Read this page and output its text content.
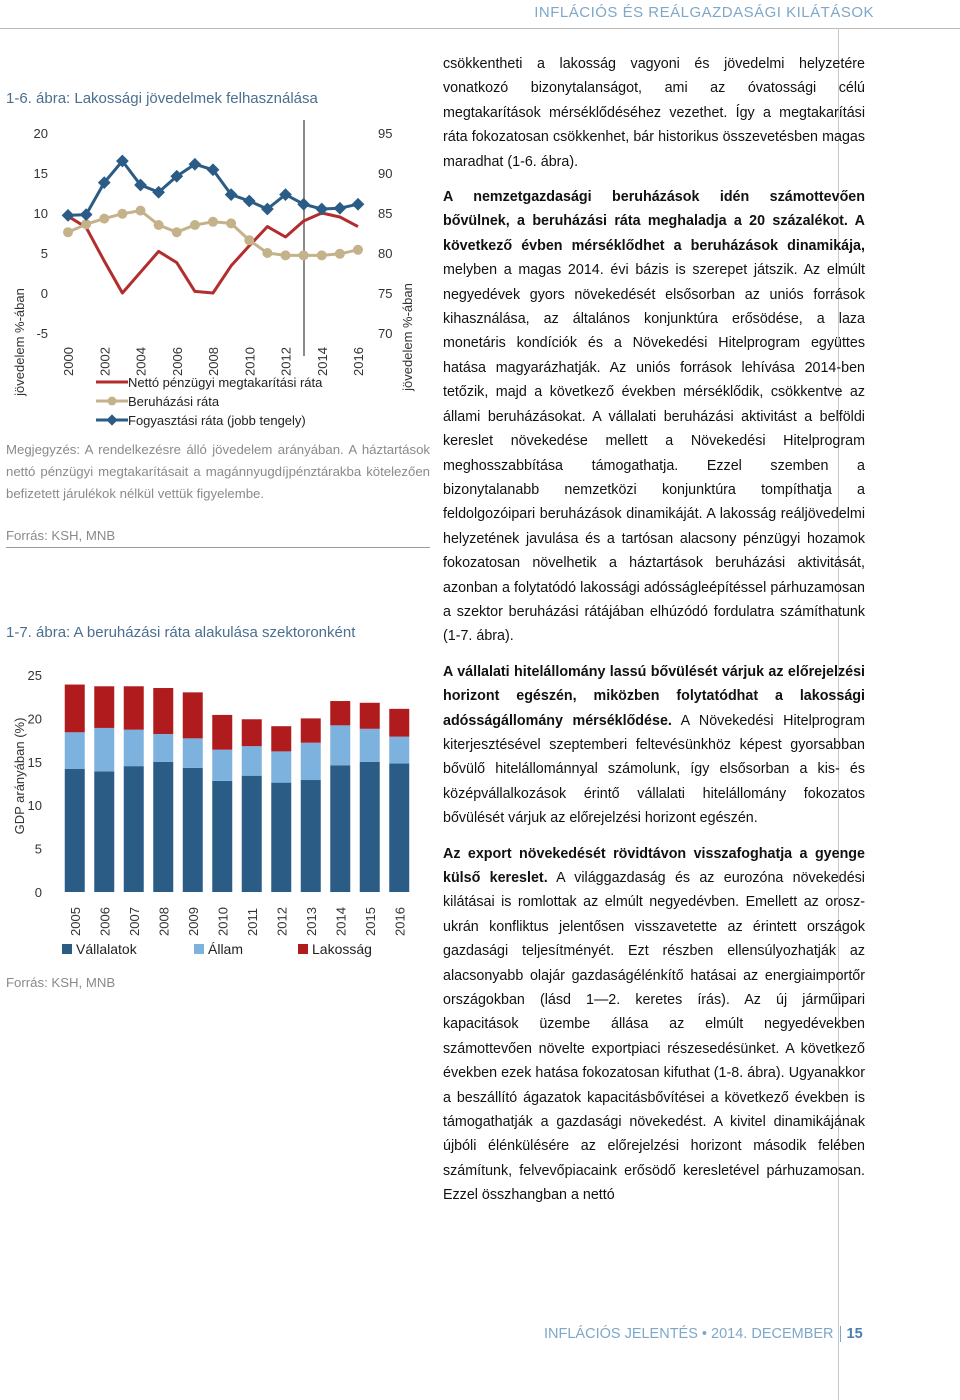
INFLÁCIÓS ÉS REÁLGAZDASÁGI KILÁTÁSOK
1-6. ábra: Lakossági jövedelmek felhasználása
jövedelem %-ában	jövedelem %-ában
20
15
10
5
0
-5
95
90
85
80
75
70
2000 2002 2004 2006 2008 2010 2012 2014 2016
Nettó pénzügyi megtakarítási ráta
Beruházási ráta
Fogyasztási ráta (jobb tengely)
Megjegyzés: A rendelkezésre álló jövedelem arányában. A háztartások nettó pénzügyi megtakarításait a magánnyugdíjpénztárakba kötelezően befizetett járulékok nélkül vettük figyelembe.
Forrás: KSH, MNB
1-7. ábra: A beruházási ráta alakulása szektoronként
GDP arányában (%)
25
20
15
10
5
0
2005 2006 2007 2008 2009 2010 2011 2012 2013 2014 2015 2016
Vállalatok	Állam	Lakosság
Forrás: KSH, MNB

csökkentheti a lakosság vagyoni és jövedelmi helyzetére vonatkozó bizonytalanságot, ami az óvatossági célú megtakarítások mérséklődéséhez vezethet. Így a megtakarítási ráta fokozatosan csökkenhet, bár historikus összevetésben magas maradhat (1-6. ábra).

A nemzetgazdasági beruházások idén számottevően bővülnek, a beruházási ráta meghaladja a 20 százalékot. A következő évben mérséklődhet a beruházások dinamikája, melyben a magas 2014. évi bázis is szerepet játszik. Az elmúlt negyedévek gyors növekedését elsősorban az uniós források kihasználása, az általános konjunktúra erősödése, a laza monetáris kondíciók és a Növekedési Hitelprogram együttes hatása magyarázhatják. Az uniós források lehívása 2014-ben tetőzik, majd a következő években mérséklődik, csökkentve az állami beruházásokat. A vállalati beruházási aktivitást a belföldi kereslet növekedése mellett a Növekedési Hitelprogram meghosszabbítása támogathatja. Ezzel szemben a bizonytalanabb nemzetközi konjunktúra tompíthatja a feldolgozóipari beruházások dinamikáját. A lakosság reáljövedelmi helyzetének javulása és a tartósan alacsony pénzügyi hozamok fokozatosan növelhetik a háztartások beruházási aktivitását, azonban a folytatódó lakossági adósságleépítéssel párhuzamosan a szektor beruházási rátájában elhúzódó fordulatra számíthatunk (1-7. ábra).

A vállalati hitelállomány lassú bővülését várjuk az előrejelzési horizont egészén, miközben folytatódhat a lakossági adósságállomány mérséklődése. A Növekedési Hitelprogram kiterjesztésével szeptemberi feltevésünkhöz képest gyorsabban bővülő hitelállománnyal számolunk, így elsősorban a kis- és középvállalkozások érintő vállalati hitelállomány fokozatos bővülését várjuk az előrejelzési horizont egészén.

Az export növekedését rövidtávon visszafoghatja a gyenge külső kereslet. A világgazdaság és az eurozóna növekedési kilátásai is romlottak az elmúlt negyedévben. Emellett az orosz-ukrán konfliktus jelentősen visszavetette az érintett országok gazdasági teljesítményét. Ezt részben ellensúlyozhatják az alacsonyabb olajár gazdaságélénkítő hatásai az energiaimportőr országokban (lásd 1—2. keretes írás). Az új járműipari kapacitások üzembe állása az elmúlt negyedévekben számottevően növelte exportpiaci részesedésünket. A következő években ezek hatása fokozatosan kifuthat (1-8. ábra). Ugyanakkor a beszállító ágazatok kapacitásbővítései a következő években is támogathatják a gazdasági növekedést. A kivitel dinamikájának újbóli élénkülésére az előrejelzési horizont második felében számítunk, felvevőpiacaink erősödő keresletével párhuzamosan. Ezzel összhangban a nettó

INFLÁCIÓS JELENTÉS • 2014. DECEMBER 15
